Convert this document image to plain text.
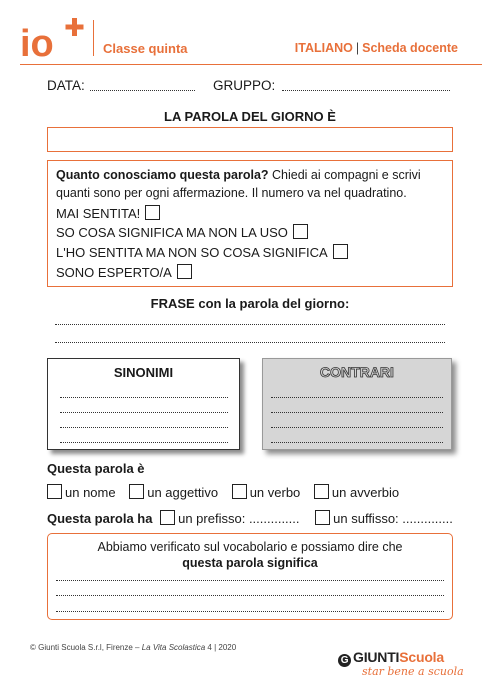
io	Classe quinta	ITALIANO | Scheda docente
DATA:	GRUPPO:
LA PAROLA DEL GIORNO È
Quanto conosciamo questa parola? Chiedi ai compagni e scrivi quanti sono per ogni affermazione. Il numero va nel quadratino.
MAI SENTITA!
SO COSA SIGNIFICA MA NON LA USO
L'HO SENTITA MA NON SO COSA SIGNIFICA
SONO ESPERTO/A
FRASE con la parola del giorno:
SINONIMI	CONTRARI
Questa parola è
un nome un aggettivo un verbo un avverbio
Questa parola ha un prefisso: ..............	un suffisso: ..............
Abbiamo verificato sul vocabolario e possiamo dire che
questa parola significa
© Giunti Scuola S.r.l, Firenze – La Vita Scolastica 4 | 2020
G GIUNTIScuola
star bene a scuola
